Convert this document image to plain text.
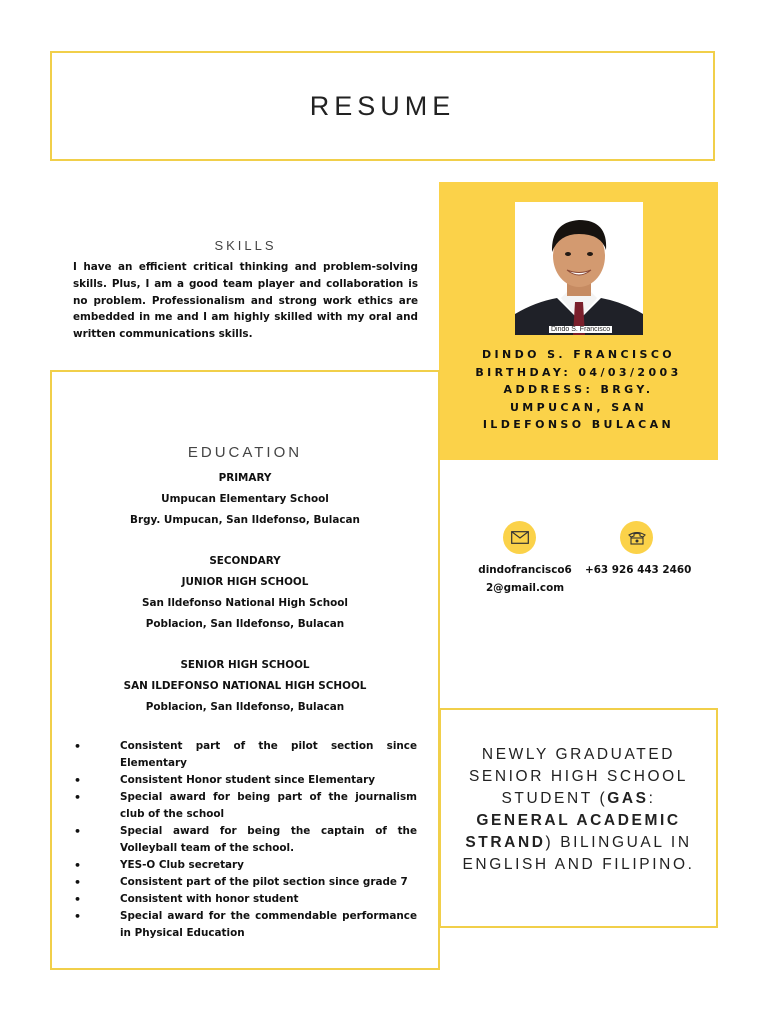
RESUME
SKILLS

I have an efficient critical thinking and problem-solving skills. Plus, I am a good team player and collaboration is no problem. Professionalism and strong work ethics are embedded in me and I am highly skilled with my oral and written communications skills.	Dindo S. Francisco
DINDO S. FRANCISCO
BIRTHDAY: 04/03/2003
ADDRESS: BRGY.
UMPUCAN, SAN
ILDEFONSO BULACAN
dindofrancisco6
2@gmail.com
+63 926 443 2460
EDUCATION
PRIMARY
Umpucan Elementary School
Brgy. Umpucan, San Ildefonso, Bulacan
SECONDARY
JUNIOR HIGH SCHOOL
San Ildefonso National High School
Poblacion, San Ildefonso, Bulacan
SENIOR HIGH SCHOOL
SAN ILDEFONSO NATIONAL HIGH SCHOOL
Poblacion, San Ildefonso, Bulacan
• Consistent part of the pilot section since Elementary
• Consistent Honor student since Elementary
• Special award for being part of the journalism club of the school
• Special award for being the captain of the Volleyball team of the school.
• YES-O Club secretary
• Consistent part of the pilot section since grade 7
• Consistent with honor student
• Special award for the commendable performance in Physical Education
NEWLY GRADUATED SENIOR HIGH SCHOOL STUDENT (GAS: GENERAL ACADEMIC STRAND) BILINGUAL IN ENGLISH AND FILIPINO.
